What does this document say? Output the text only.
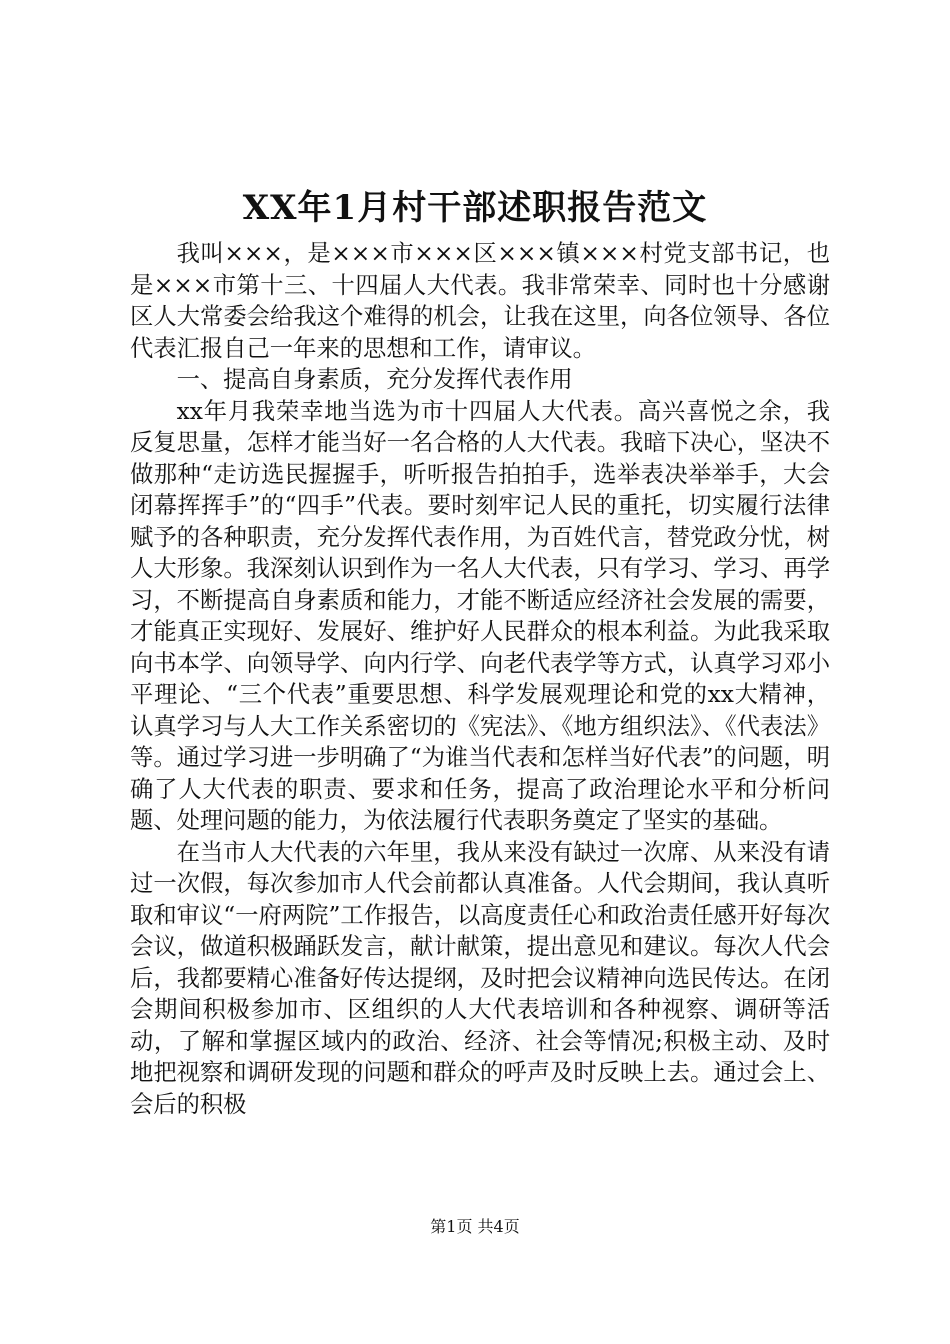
XX年1月村干部述职报告范文

我叫×××，是×××市×××区×××镇×××村党支部书记，也是×××市第十三、十四届人大代表。我非常荣幸、同时也十分感谢区人大常委会给我这个难得的机会，让我在这里，向各位领导、各位代表汇报自己一年来的思想和工作，请审议。

一、提高自身素质，充分发挥代表作用

xx年月我荣幸地当选为市十四届人大代表。高兴喜悦之余，我反复思量，怎样才能当好一名合格的人大代表。我暗下决心，坚决不做那种“走访选民握握手，听听报告拍拍手，选举表决举举手，大会闭幕挥挥手”的“四手”代表。要时刻牢记人民的重托，切实履行法律赋予的各种职责，充分发挥代表作用，为百姓代言，替党政分忧，树人大形象。我深刻认识到作为一名人大代表，只有学习、学习、再学习，不断提高自身素质和能力，才能不断适应经济社会发展的需要，才能真正实现好、发展好、维护好人民群众的根本利益。为此我采取向书本学、向领导学、向内行学、向老代表学等方式，认真学习邓小平理论、“三个代表”重要思想、科学发展观理论和党的xx大精神，认真学习与人大工作关系密切的《宪法》、《地方组织法》、《代表法》等。通过学习进一步明确了“为谁当代表和怎样当好代表”的问题，明确了人大代表的职责、要求和任务，提高了政治理论水平和分析问题、处理问题的能力，为依法履行代表职务奠定了坚实的基础。

在当市人大代表的六年里，我从来没有缺过一次席、从来没有请过一次假，每次参加市人代会前都认真准备。人代会期间，我认真听取和审议“一府两院”工作报告，以高度责任心和政治责任感开好每次会议，做道积极踊跃发言，献计献策，提出意见和建议。每次人代会后，我都要精心准备好传达提纲，及时把会议精神向选民传达。在闭会期间积极参加市、区组织的人大代表培训和各种视察、调研等活动，了解和掌握区域内的政治、经济、社会等情况;积极主动、及时地把视察和调研发现的问题和群众的呼声及时反映上去。通过会上、会后的积极

第1页 共4页
